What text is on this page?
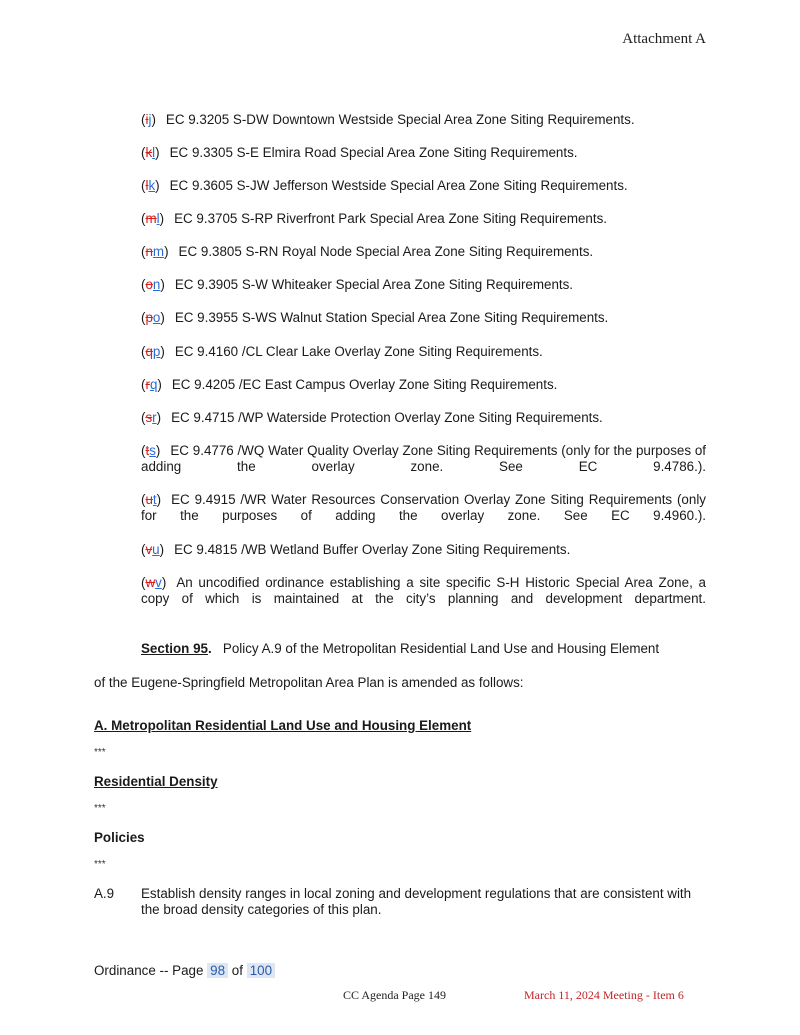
Attachment A
(ij) EC 9.3205 S-DW Downtown Westside Special Area Zone Siting Requirements.
(kl) EC 9.3305 S-E Elmira Road Special Area Zone Siting Requirements.
(lk) EC 9.3605 S-JW Jefferson Westside Special Area Zone Siting Requirements.
(ml) EC 9.3705 S-RP Riverfront Park Special Area Zone Siting Requirements.
(nm) EC 9.3805 S-RN Royal Node Special Area Zone Siting Requirements.
(on) EC 9.3905 S-W Whiteaker Special Area Zone Siting Requirements.
(po) EC 9.3955 S-WS Walnut Station Special Area Zone Siting Requirements.
(qp) EC 9.4160 /CL Clear Lake Overlay Zone Siting Requirements.
(rq) EC 9.4205 /EC East Campus Overlay Zone Siting Requirements.
(sr) EC 9.4715 /WP Waterside Protection Overlay Zone Siting Requirements.
(ts) EC 9.4776 /WQ Water Quality Overlay Zone Siting Requirements (only for the purposes of adding the overlay zone. See EC 9.4786.).
(ut) EC 9.4915 /WR Water Resources Conservation Overlay Zone Siting Requirements (only for the purposes of adding the overlay zone. See EC 9.4960.).
(vu) EC 9.4815 /WB Wetland Buffer Overlay Zone Siting Requirements.
(wv) An uncodified ordinance establishing a site specific S-H Historic Special Area Zone, a copy of which is maintained at the city’s planning and development department.
Section 95. Policy A.9 of the Metropolitan Residential Land Use and Housing Element
of the Eugene-Springfield Metropolitan Area Plan is amended as follows:
A. Metropolitan Residential Land Use and Housing Element
***
Residential Density
***
Policies
***
A.9 Establish density ranges in local zoning and development regulations that are consistent with the broad density categories of this plan.
Ordinance -- Page 98 of 100
CC Agenda Page 149	March 11, 2024 Meeting - Item 6
